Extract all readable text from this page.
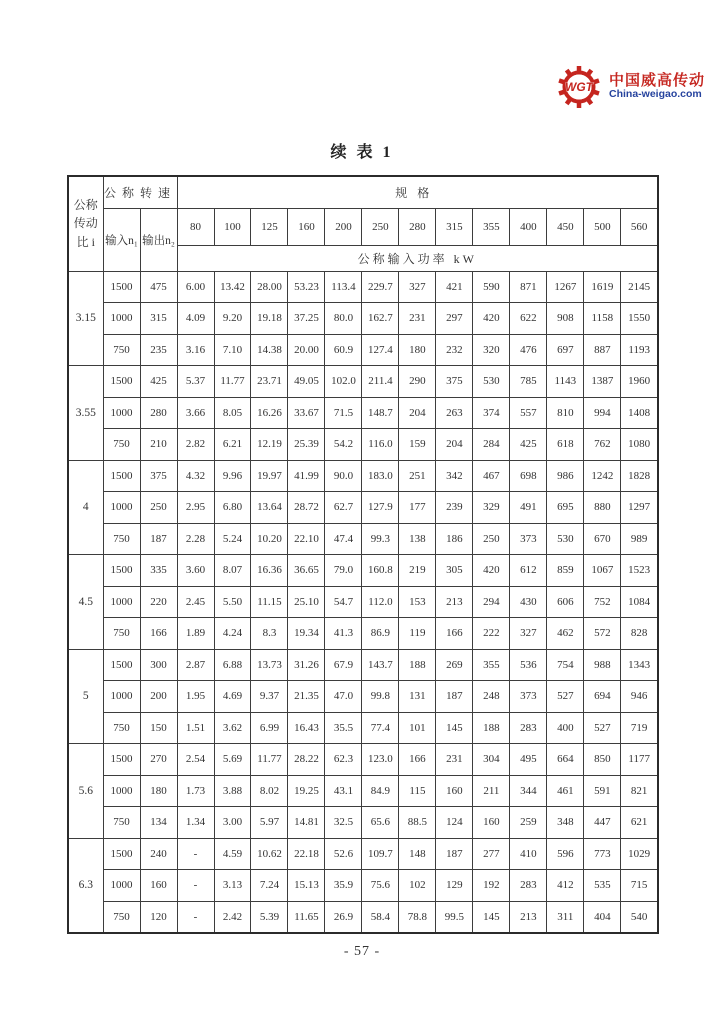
WGT 中国威高传动
China-weigao.com
续 表 1
公称传动比 i	公称转速		规格												
	输入n₁	输出n₂	80	100	125	160	200	250	280	315	355	400	450	500	560
			公称输入功率 kW												
3.15	1500	475	6.00	13.42	28.00	53.23	113.4	229.7	327	421	590	871	1267	1619	2145
	1000	315	4.09	9.20	19.18	37.25	80.0	162.7	231	297	420	622	908	1158	1550
	750	235	3.16	7.10	14.38	20.00	60.9	127.4	180	232	320	476	697	887	1193
3.55	1500	425	5.37	11.77	23.71	49.05	102.0	211.4	290	375	530	785	1143	1387	1960
	1000	280	3.66	8.05	16.26	33.67	71.5	148.7	204	263	374	557	810	994	1408
	750	210	2.82	6.21	12.19	25.39	54.2	116.0	159	204	284	425	618	762	1080
4	1500	375	4.32	9.96	19.97	41.99	90.0	183.0	251	342	467	698	986	1242	1828
	1000	250	2.95	6.80	13.64	28.72	62.7	127.9	177	239	329	491	695	880	1297
	750	187	2.28	5.24	10.20	22.10	47.4	99.3	138	186	250	373	530	670	989
4.5	1500	335	3.60	8.07	16.36	36.65	79.0	160.8	219	305	420	612	859	1067	1523
	1000	220	2.45	5.50	11.15	25.10	54.7	112.0	153	213	294	430	606	752	1084
	750	166	1.89	4.24	8.3	19.34	41.3	86.9	119	166	222	327	462	572	828
5	1500	300	2.87	6.88	13.73	31.26	67.9	143.7	188	269	355	536	754	988	1343
	1000	200	1.95	4.69	9.37	21.35	47.0	99.8	131	187	248	373	527	694	946
	750	150	1.51	3.62	6.99	16.43	35.5	77.4	101	145	188	283	400	527	719
5.6	1500	270	2.54	5.69	11.77	28.22	62.3	123.0	166	231	304	495	664	850	1177
	1000	180	1.73	3.88	8.02	19.25	43.1	84.9	115	160	211	344	461	591	821
	750	134	1.34	3.00	5.97	14.81	32.5	65.6	88.5	124	160	259	348	447	621
6.3	1500	240	-	4.59	10.62	22.18	52.6	109.7	148	187	277	410	596	773	1029
	1000	160	-	3.13	7.24	15.13	35.9	75.6	102	129	192	283	412	535	715
	750	120	-	2.42	5.39	11.65	26.9	58.4	78.8	99.5	145	213	311	404	540
- 57 -
